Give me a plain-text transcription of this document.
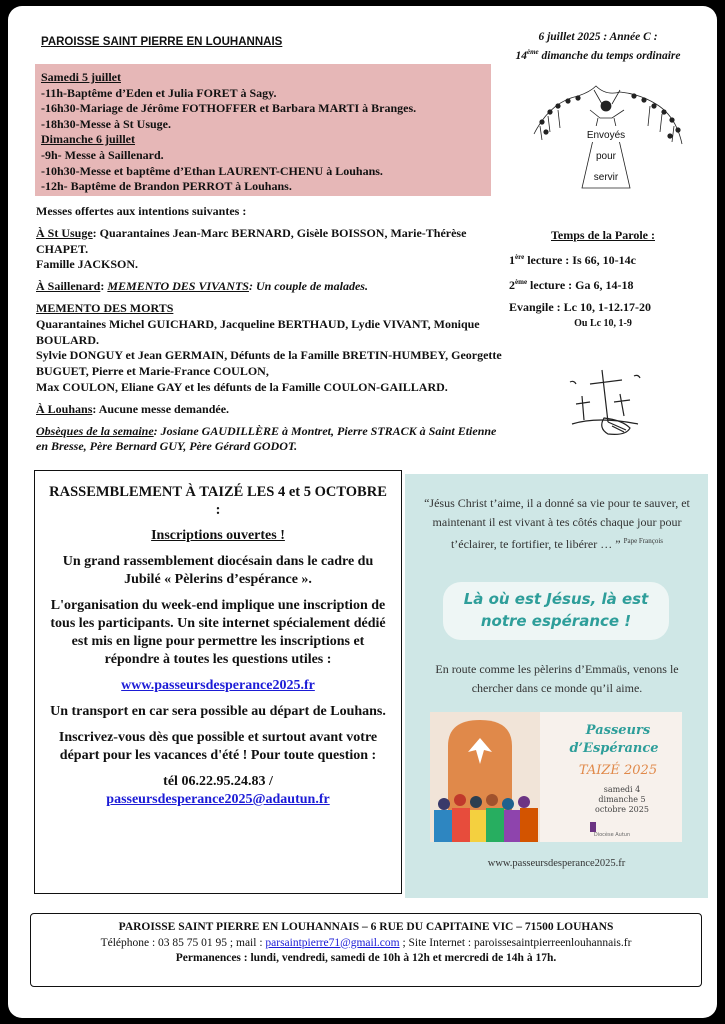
PAROISSE SAINT PIERRE EN LOUHANNAIS	6 juillet 2025 : Année C :
14ème dimanche du temps ordinaire
Samedi 5 juillet
-11h-Baptême d’Eden et Julia FORET à Sagy.
-16h30-Mariage de Jérôme FOTHOFFER et Barbara MARTI à Branges.
-18h30-Messe à St Usuge.
Dimanche 6 juillet
-9h- Messe à Saillenard.
-10h30-Messe et baptême d’Ethan LAURENT-CHENU à Louhans.
-12h- Baptême de Brandon PERROT à Louhans.
Envoyés
pour
servir
Messes offertes aux intentions suivantes :
À St Usuge: Quarantaines Jean-Marc BERNARD, Gisèle BOISSON, Marie-Thérèse CHAPET.
Famille JACKSON.
À Saillenard: MEMENTO DES VIVANTS: Un couple de malades.
MEMENTO DES MORTS
Quarantaines Michel GUICHARD, Jacqueline BERTHAUD, Lydie VIVANT, Monique BOULARD.
Sylvie DONGUY et Jean GERMAIN, Défunts de la Famille BRETIN-HUMBEY, Georgette BUGUET, Pierre et Marie-France COULON,
Max COULON, Eliane GAY et les défunts de la Famille COULON-GAILLARD.
À Louhans: Aucune messe demandée.
Obsèques de la semaine: Josiane GAUDILLÈRE à Montret, Pierre STRACK à Saint Etienne en Bresse, Père Bernard GUY, Père Gérard GODOT.
Temps de la Parole :
1ère lecture : Is 66, 10-14c
2ème lecture : Ga 6, 14-18
Evangile : Lc 10, 1-12.17-20
Ou Lc 10, 1-9

RASSEMBLEMENT À TAIZÉ LES 4 et 5 OCTOBRE :

Inscriptions ouvertes !

Un grand rassemblement diocésain dans le cadre du Jubilé « Pèlerins d’espérance ».

L'organisation du week-end implique une inscription de tous les participants. Un site internet spécialement dédié est mis en ligne pour permettre les inscriptions et répondre à toutes les questions utiles :

www.passeursdesperance2025.fr

Un transport en car sera possible au départ de Louhans.

Inscrivez-vous dès que possible et surtout avant votre départ pour les vacances d'été ! Pour toute question :

tél 06.22.95.24.83 /
passeursdesperance2025@adautun.fr
“Jésus Christ t’aime, il a donné sa vie pour te sauver, et maintenant il est vivant à tes côtés chaque jour pour t’éclairer, te fortifier, te libérer … ” $^{Pape François}$
Là où est Jésus, là est notre espérance !
En route comme les pèlerins d’Emmaüs, venons le chercher dans ce monde qu’il aime.
Passeurs
d’Espérance
TAIZÉ 2025
samedi 4
dimanche 5
octobre 2025
Diocèse Autun
www.passeursdesperance2025.fr
PAROISSE SAINT PIERRE EN LOUHANNAIS – 6 RUE DU CAPITAINE VIC – 71500 LOUHANS
Téléphone : 03 85 75 01 95 ; mail : parsaintpierre71@gmail.com ; Site Internet : paroissesaintpierreenlouhannais.fr
Permanences : lundi, vendredi, samedi de 10h à 12h et mercredi de 14h à 17h.
